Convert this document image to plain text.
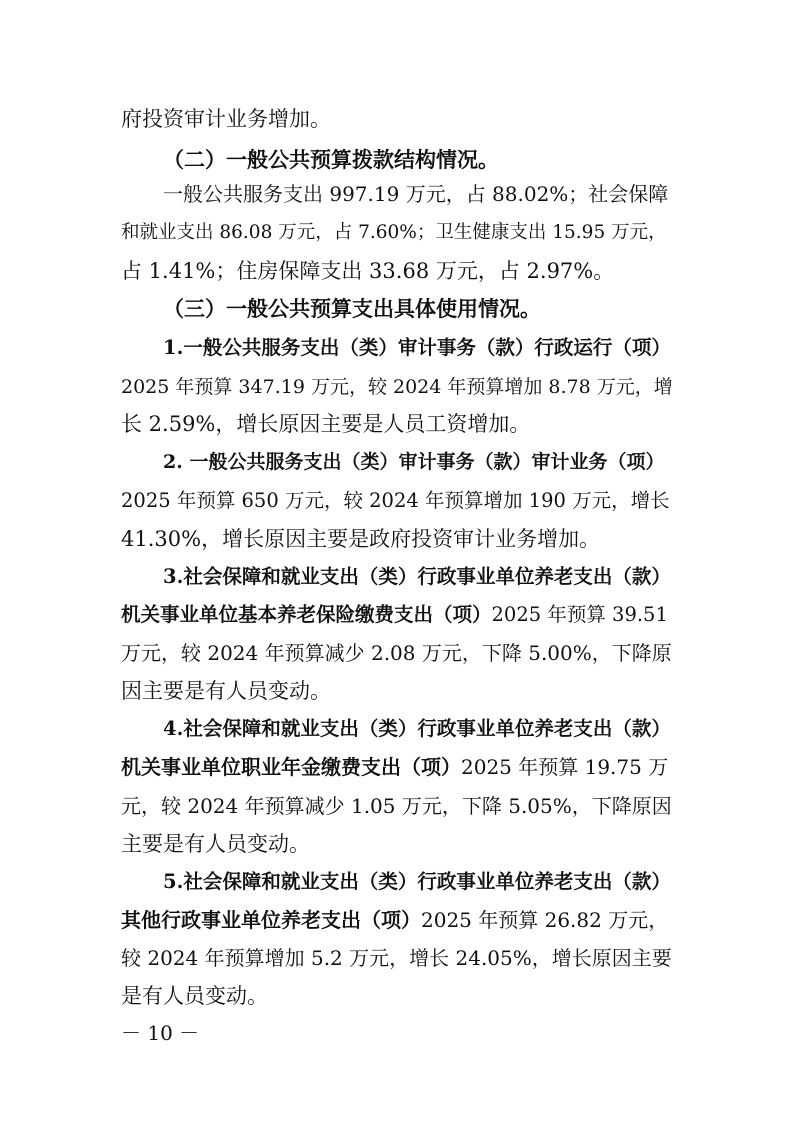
府投资审计业务增加。

（二）一般公共预算拨款结构情况。

一般公共服务支出 997.19 万元，占 88.02%；社会保障

和就业支出 86.08 万元，占 7.60%；卫生健康支出 15.95 万元，

占 1.41%；住房保障支出 33.68 万元，占 2.97%。

（三）一般公共预算支出具体使用情况。

1.一般公共服务支出（类）审计事务（款）行政运行（项）

2025 年预算 347.19 万元，较 2024 年预算增加 8.78 万元，增

长 2.59%，增长原因主要是人员工资增加。

2. 一般公共服务支出（类）审计事务（款）审计业务（项）

2025 年预算 650 万元，较 2024 年预算增加 190 万元，增长

41.30%，增长原因主要是政府投资审计业务增加。

3.社会保障和就业支出（类）行政事业单位养老支出（款）

机关事业单位基本养老保险缴费支出（项）2025 年预算 39.51

万元，较 2024 年预算减少 2.08 万元，下降 5.00%，下降原

因主要是有人员变动。

4.社会保障和就业支出（类）行政事业单位养老支出（款）

机关事业单位职业年金缴费支出（项）2025 年预算 19.75 万

元，较 2024 年预算减少 1.05 万元，下降 5.05%，下降原因

主要是有人员变动。

5.社会保障和就业支出（类）行政事业单位养老支出（款）

其他行政事业单位养老支出（项）2025 年预算 26.82 万元，

较 2024 年预算增加 5.2 万元，增长 24.05%，增长原因主要

是有人员变动。

－ 10 －
